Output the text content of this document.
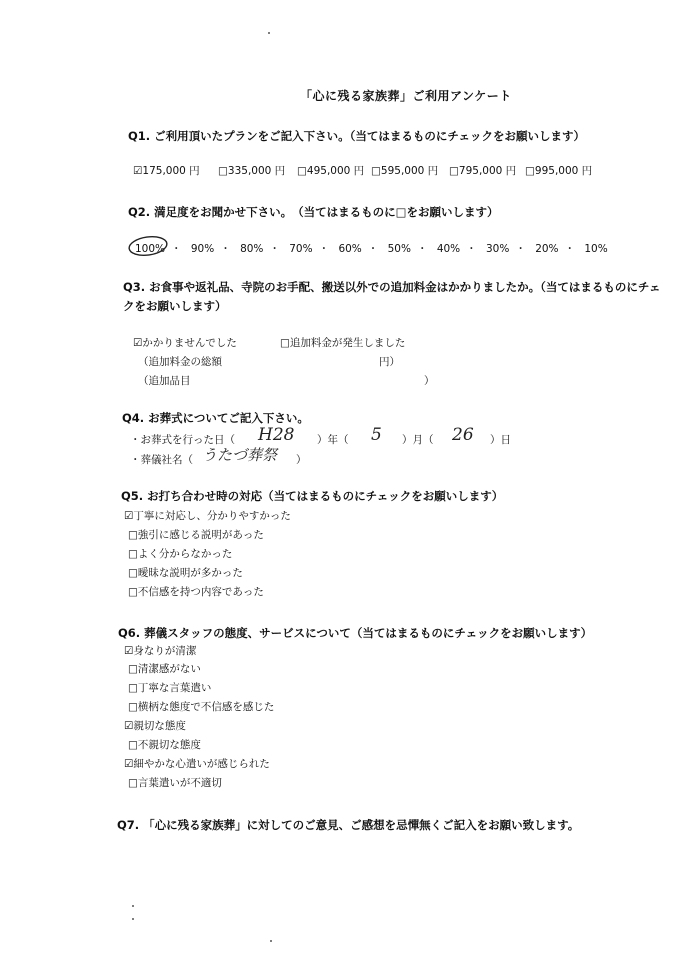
「心に残る家族葬」ご利用アンケート
Q1. ご利用頂いたプランをご記入下さい。（当てはまるものにチェックをお願いします）
☑175,000 円 □335,000 円 □495,000 円 □595,000 円 □795,000 円 □995,000 円
Q2. 満足度をお聞かせ下さい。　（当てはまるものに□をお願いします）
100% ・ 90% ・ 80% ・ 70% ・ 60% ・ 50% ・ 40% ・ 30% ・ 20% ・ 10%
Q3. お食事や返礼品、寺院のお手配、搬送以外での追加料金はかかりましたか。（当てはまるものにチェ
クをお願いします）
☑かかりませんでした	□追加料金が発生しました
（追加料金の総額	円）
（追加品目	）
Q4. お葬式についてご記入下さい。
・お葬式を行った日（ H28 ）年（ 5 ）月（ 26 ）日
・葬儀社名（ うたづ葬祭 ）
Q5. お打ち合わせ時の対応（当てはまるものにチェックをお願いします）
☑丁寧に対応し、分かりやすかった
□強引に感じる説明があった
□よく分からなかった
□曖昧な説明が多かった
□不信感を持つ内容であった
Q6. 葬儀スタッフの態度、サービスについて（当てはまるものにチェックをお願いします）
☑身なりが清潔
□清潔感がない
□丁寧な言葉遣い
□横柄な態度で不信感を感じた
☑親切な態度
□不親切な態度
☑細やかな心遣いが感じられた
□言葉遣いが不適切
Q7. 「心に残る家族葬」に対してのご意見、ご感想を忌憚無くご記入をお願い致します。
